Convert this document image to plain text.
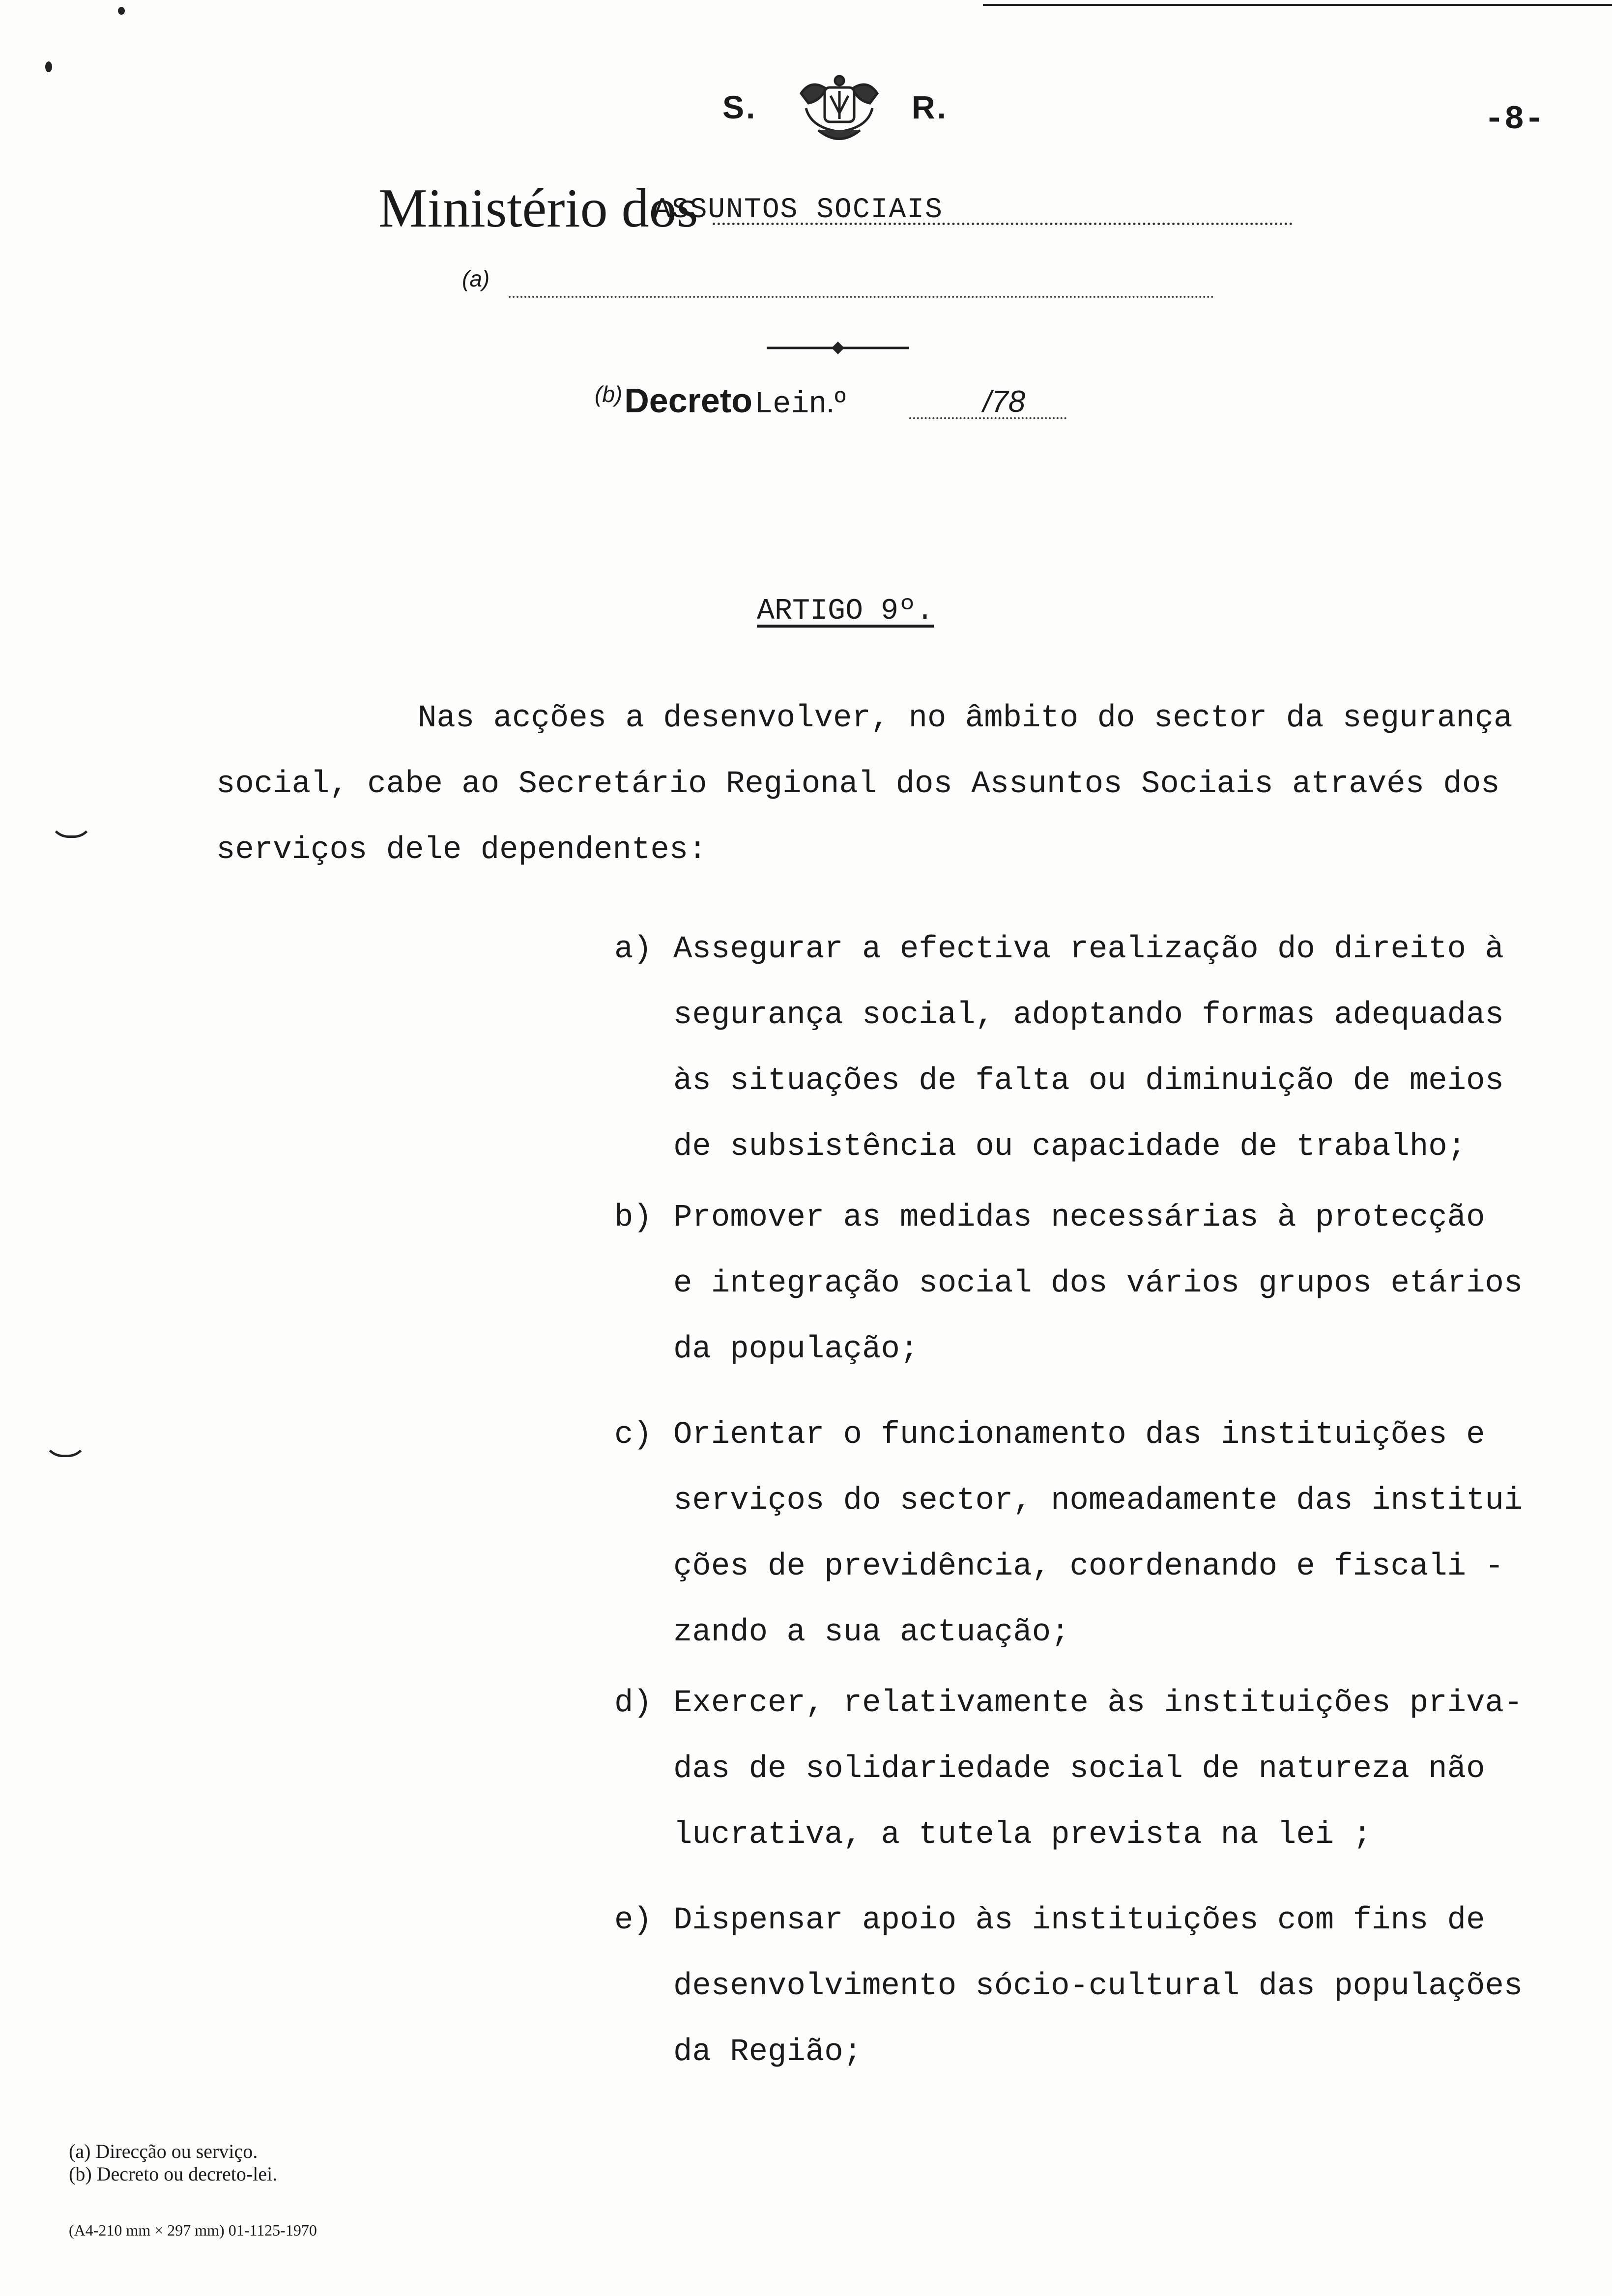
S.	R.	-8-
Ministério dos
ASSUNTOS SOCIAIS
(a)
(b) Decreto Lein.º	/78
ARTIGO 9º.
Nas acções a desenvolver, no âmbito do sector da segurança
social, cabe ao Secretário Regional dos Assuntos Sociais através dos
serviços dele dependentes:
a) Assegurar a efectiva realização do direito à
segurança social, adoptando formas adequadas
às situações de falta ou diminuição de meios
de subsistência ou capacidade de trabalho;
b) Promover as medidas necessárias à protecção
e integração social dos vários grupos etários
da população;
c) Orientar o funcionamento das instituições e
serviços do sector, nomeadamente das institui
ções de previdência, coordenando e fiscali -
zando a sua actuação;
d) Exercer, relativamente às instituições priva-
das de solidariedade social de natureza não
lucrativa, a tutela prevista na lei ;
e) Dispensar apoio às instituições com fins de
desenvolvimento sócio-cultural das populações
da Região;
(a) Direcção ou serviço.
(b) Decreto ou decreto-lei.
(A4-210 mm × 297 mm) 01-1125-1970
